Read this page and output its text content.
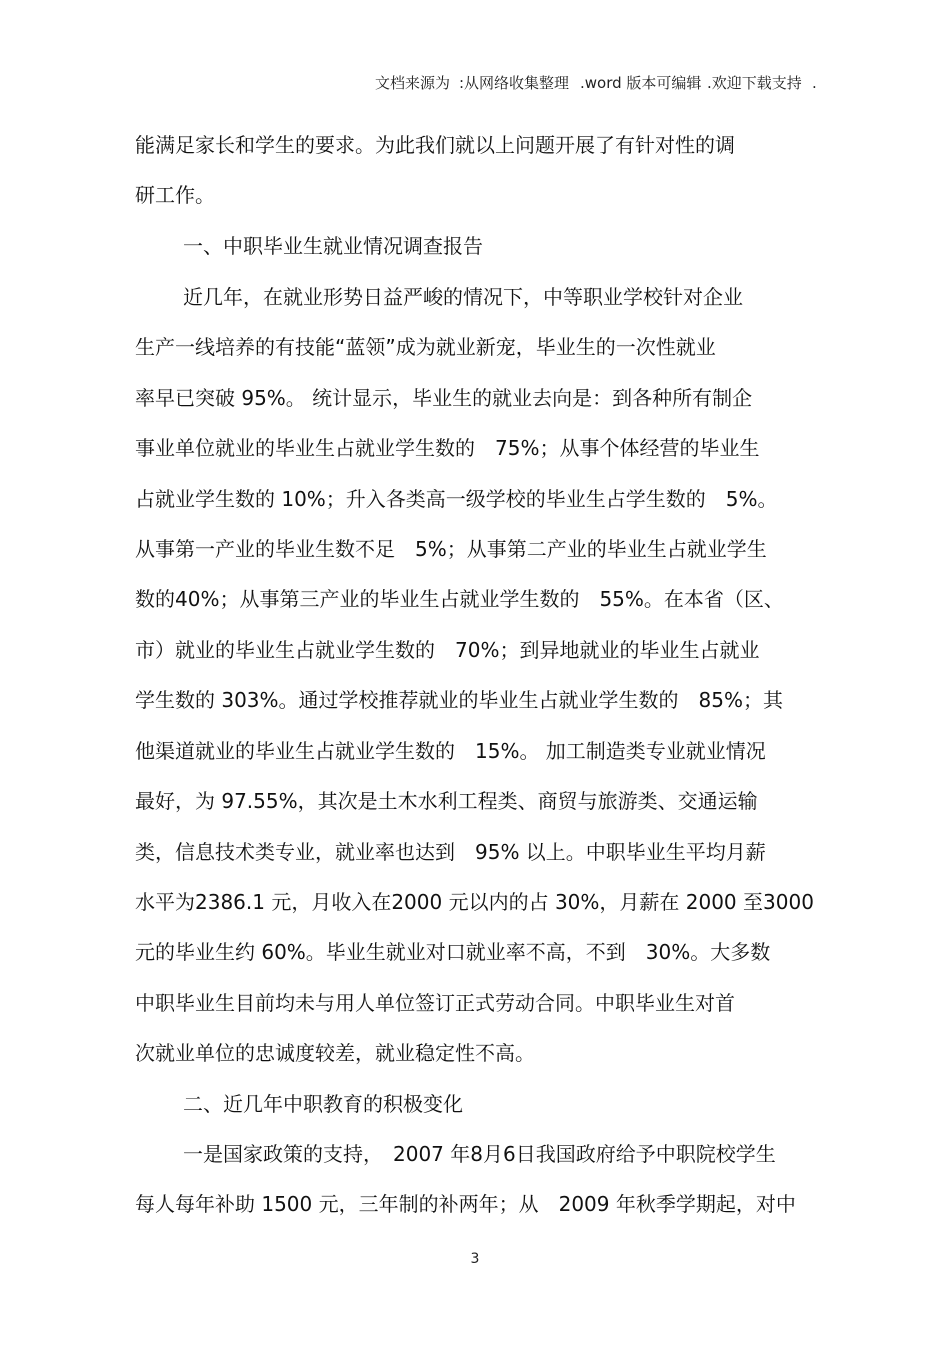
文档来源为 :从网络收集整理 .word 版本可编辑 .欢迎下载支持 .
能满足家长和学生的要求。为此我们就以上问题开展了有针对性的调
研工作。
一、中职毕业生就业情况调查报告
近几年，在就业形势日益严峻的情况下，中等职业学校针对企业
生产一线培养的有技能“蓝领”成为就业新宠，毕业生的一次性就业
率早已突破 95%。 统计显示，毕业生的就业去向是：到各种所有制企
事业单位就业的毕业生占就业学生数的　75%；从事个体经营的毕业生
占就业学生数的 10%；升入各类高一级学校的毕业生占学生数的　5%。
从事第一产业的毕业生数不足　5%；从事第二产业的毕业生占就业学生
数的40%；从事第三产业的毕业生占就业学生数的　55%。在本省（区、
市）就业的毕业生占就业学生数的　70%；到异地就业的毕业生占就业
学生数的 303%。通过学校推荐就业的毕业生占就业学生数的　85%；其
他渠道就业的毕业生占就业学生数的　15%。 加工制造类专业就业情况
最好，为 97.55%，其次是土木水利工程类、商贸与旅游类、交通运输
类，信息技术类专业，就业率也达到　95% 以上。中职毕业生平均月薪
水平为2386.1 元，月收入在2000 元以内的占 30%，月薪在 2000 至3000
元的毕业生约 60%。毕业生就业对口就业率不高，不到　30%。大多数
中职毕业生目前均未与用人单位签订正式劳动合同。中职毕业生对首
次就业单位的忠诚度较差，就业稳定性不高。
二、近几年中职教育的积极变化
一是国家政策的支持，　2007 年8月6日我国政府给予中职院校学生
每人每年补助 1500 元，三年制的补两年；从　2009 年秋季学期起，对中
3
